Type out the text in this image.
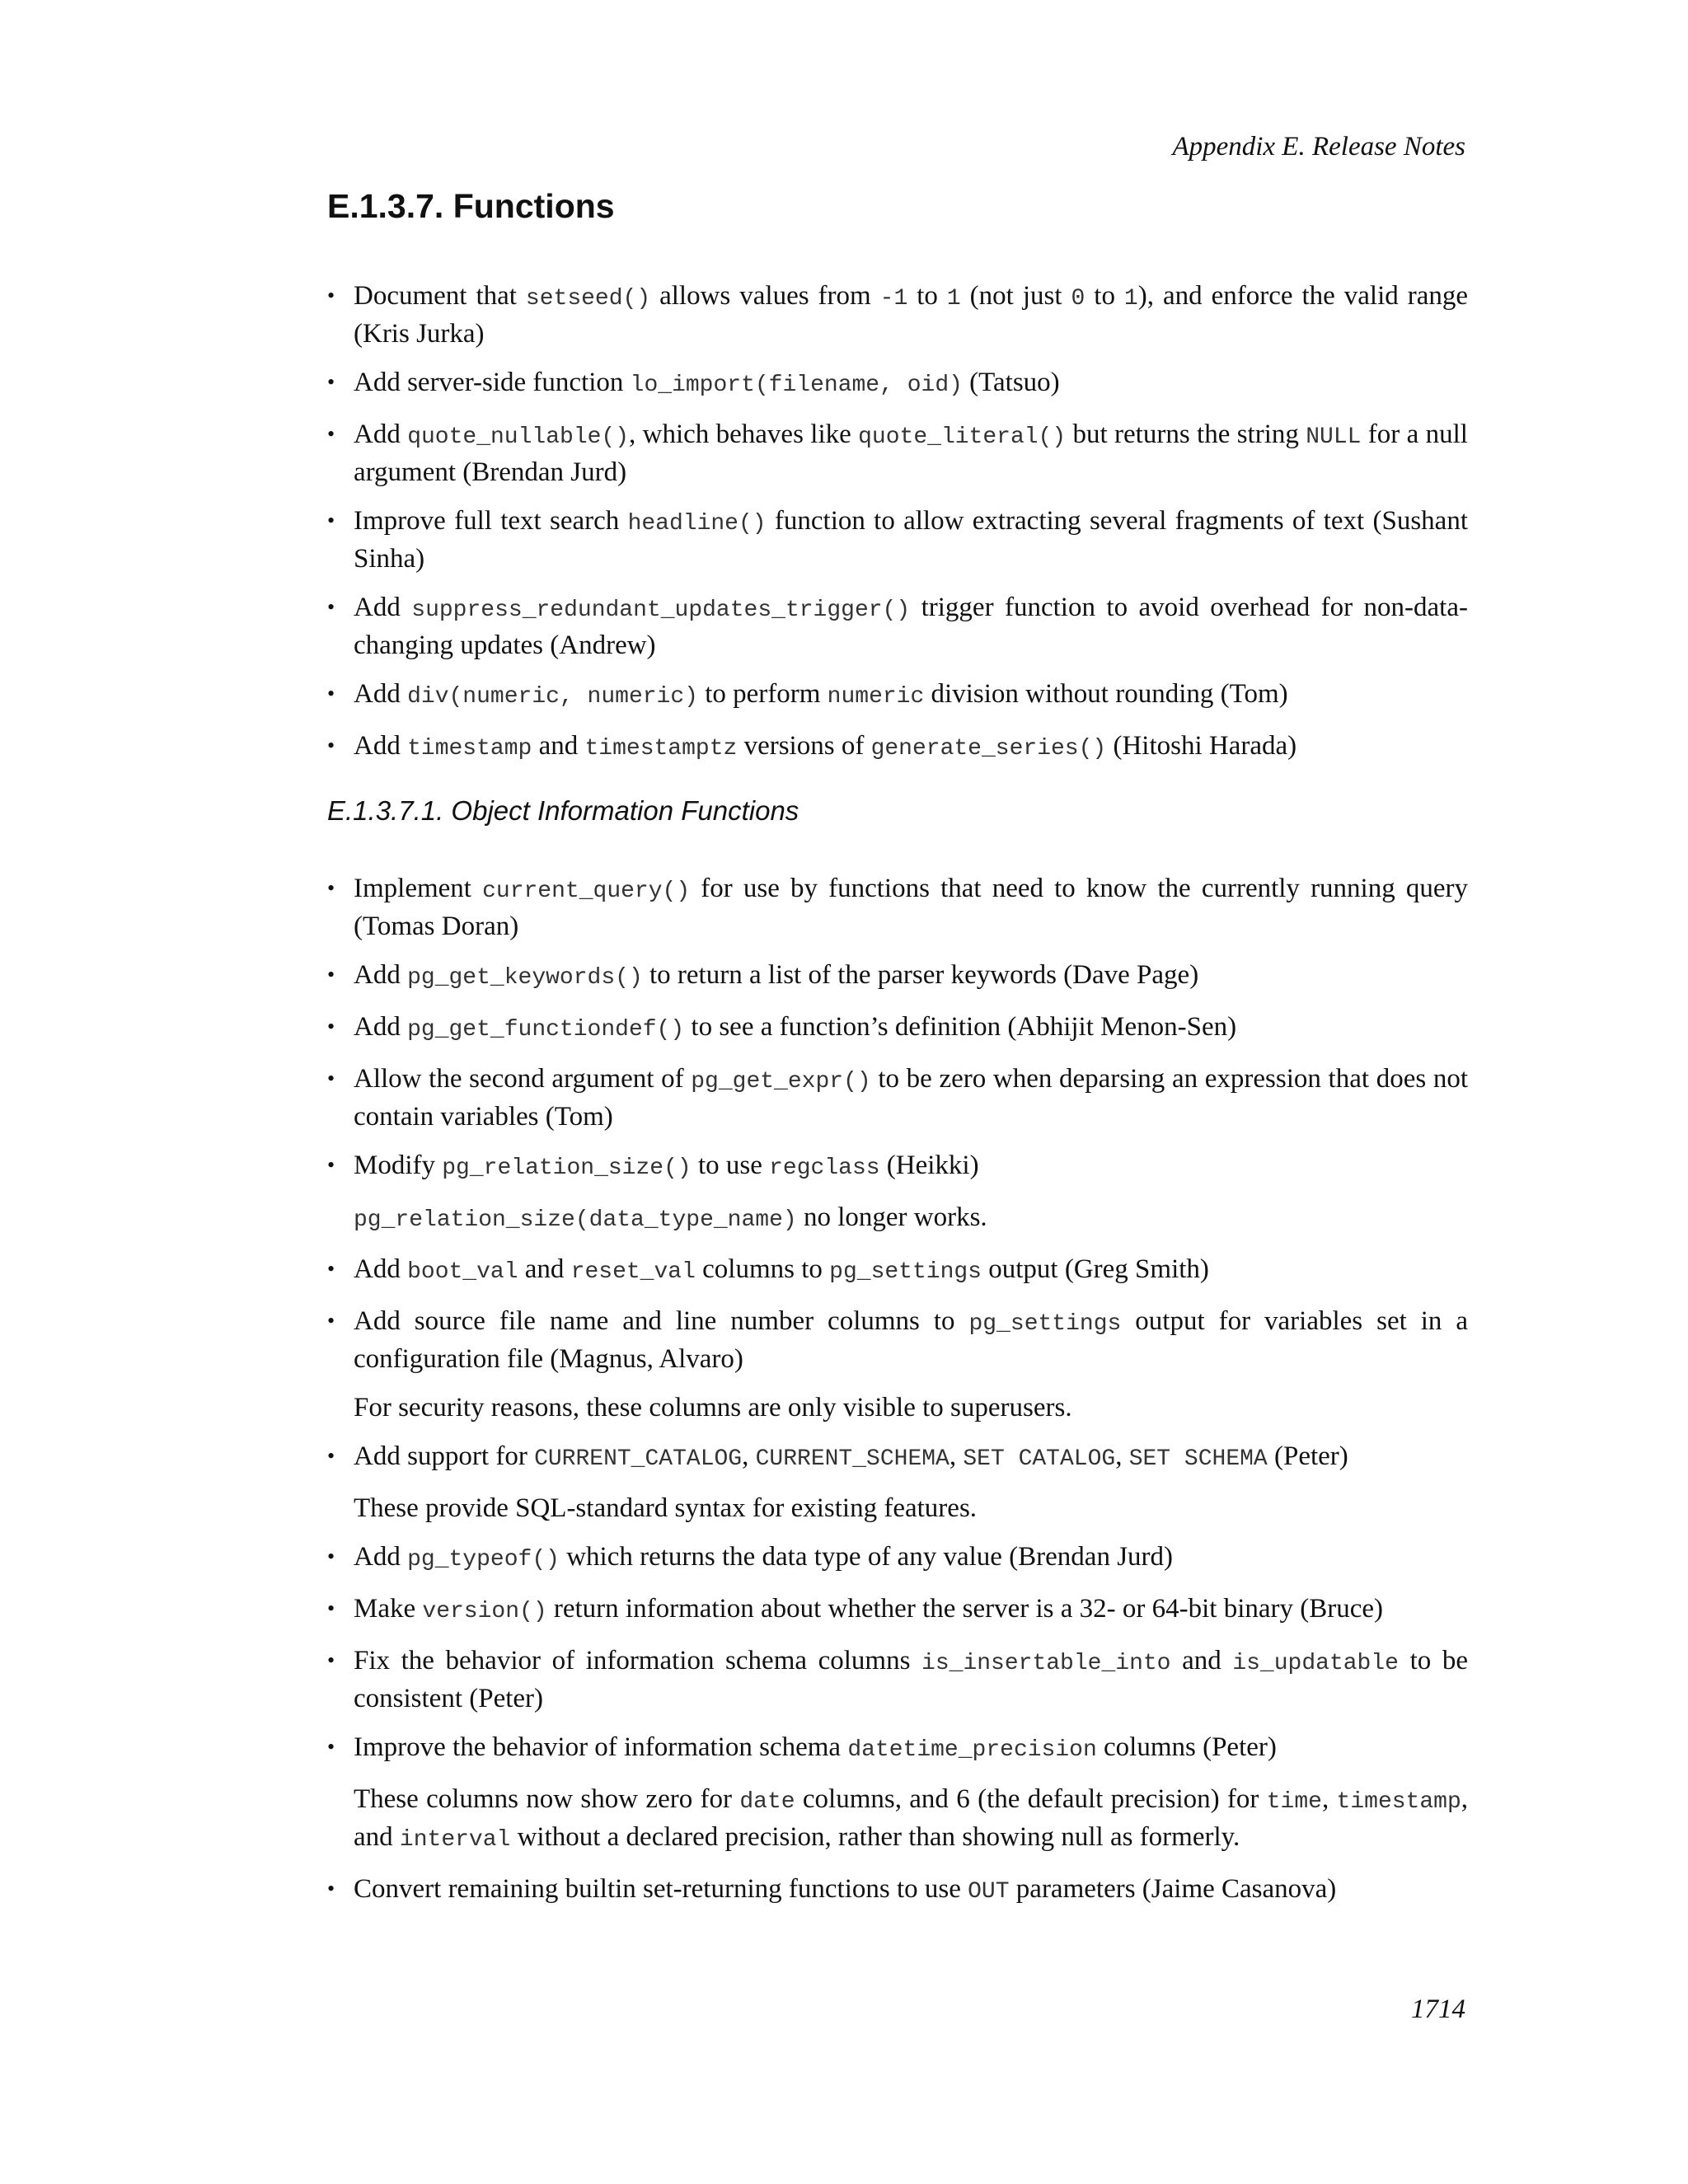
Appendix E. Release Notes
E.1.3.7. Functions
• Document that setseed() allows values from -1 to 1 (not just 0 to 1), and enforce the valid range (Kris Jurka)

• Add server-side function lo_import(filename, oid) (Tatsuo)

• Add quote_nullable(), which behaves like quote_literal() but returns the string NULL for a null argument (Brendan Jurd)

• Improve full text search headline() function to allow extracting several fragments of text (Sushant Sinha)

• Add suppress_redundant_updates_trigger() trigger function to avoid overhead for non-data-changing updates (Andrew)

• Add div(numeric, numeric) to perform numeric division without rounding (Tom)

• Add timestamp and timestamptz versions of generate_series() (Hitoshi Harada)

E.1.3.7.1. Object Information Functions
• Implement current_query() for use by functions that need to know the currently running query (Tomas Doran)

• Add pg_get_keywords() to return a list of the parser keywords (Dave Page)

• Add pg_get_functiondef() to see a function’s definition (Abhijit Menon-Sen)

• Allow the second argument of pg_get_expr() to be zero when deparsing an expression that does not contain variables (Tom)

• Modify pg_relation_size() to use regclass (Heikki)

pg_relation_size(data_type_name) no longer works.

• Add boot_val and reset_val columns to pg_settings output (Greg Smith)

• Add source file name and line number columns to pg_settings output for variables set in a configuration file (Magnus, Alvaro)

For security reasons, these columns are only visible to superusers.

• Add support for CURRENT_CATALOG, CURRENT_SCHEMA, SET CATALOG, SET SCHEMA (Peter)

These provide SQL-standard syntax for existing features.

• Add pg_typeof() which returns the data type of any value (Brendan Jurd)

• Make version() return information about whether the server is a 32- or 64-bit binary (Bruce)

• Fix the behavior of information schema columns is_insertable_into and is_updatable to be consistent (Peter)

• Improve the behavior of information schema datetime_precision columns (Peter)

These columns now show zero for date columns, and 6 (the default precision) for time, timestamp, and interval without a declared precision, rather than showing null as formerly.

• Convert remaining builtin set-returning functions to use OUT parameters (Jaime Casanova)

1714
